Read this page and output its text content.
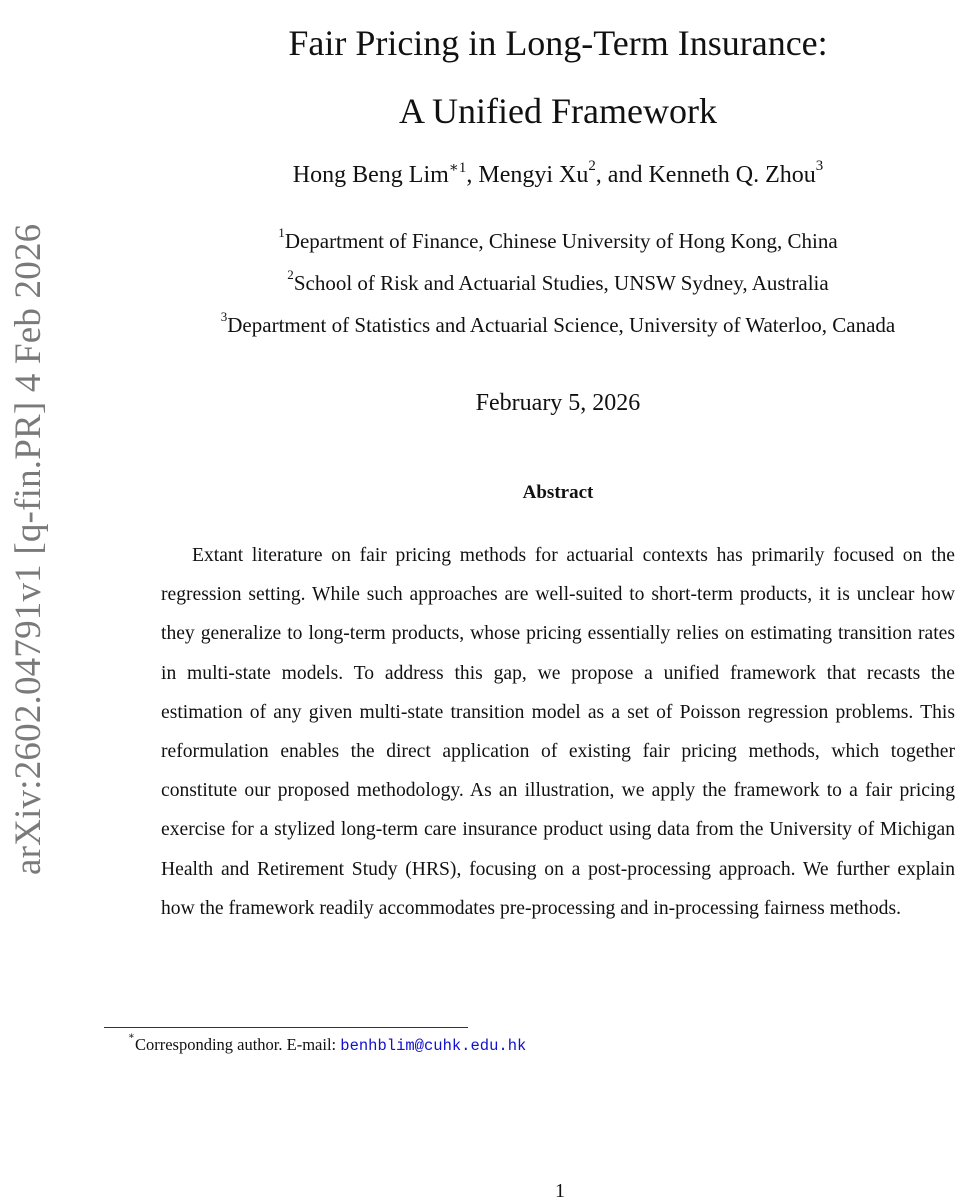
arXiv:2602.04791v1 [q-fin.PR] 4 Feb 2026
Fair Pricing in Long-Term Insurance:
A Unified Framework
Hong Beng Lim$^{∗1}$, Mengyi Xu$^2$, and Kenneth Q. Zhou$^3$
$^1$Department of Finance, Chinese University of Hong Kong, China
$^2$School of Risk and Actuarial Studies, UNSW Sydney, Australia
$^3$Department of Statistics and Actuarial Science, University of Waterloo, Canada
February 5, 2026
Abstract

Extant literature on fair pricing methods for actuarial contexts has primarily focused on the regression setting. While such approaches are well-suited to short-term products, it is unclear how they generalize to long-term products, whose pricing essentially relies on estimating transition rates in multi-state models. To address this gap, we propose a unified framework that recasts the estimation of any given multi-state transition model as a set of Poisson regression problems. This reformulation enables the direct application of existing fair pricing methods, which together constitute our proposed methodology. As an illustration, we apply the framework to a fair pricing exercise for a stylized long-term care insurance product using data from the University of Michigan Health and Retirement Study (HRS), focusing on a post-processing approach. We further explain how the framework readily accommodates pre-processing and in-processing fairness methods.

∗Corresponding author. E-mail: benhblim@cuhk.edu.hk
1
